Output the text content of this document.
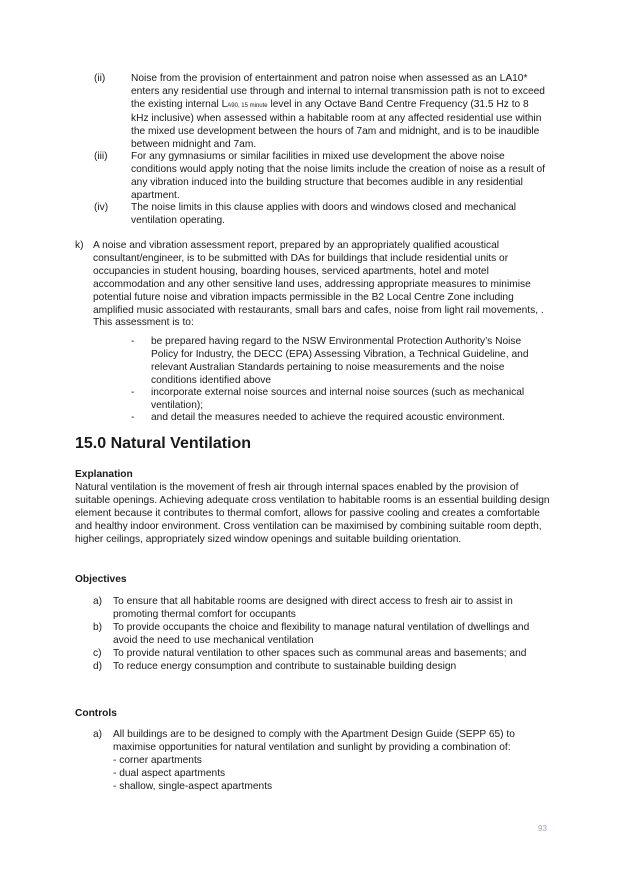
(ii)	Noise from the provision of entertainment and patron noise when assessed as an LA10* enters any residential use through and internal to internal transmission path is not to exceed the existing internal LA90, 15 minute level in any Octave Band Centre Frequency (31.5 Hz to 8 kHz inclusive) when assessed within a habitable room at any affected residential use within the mixed use development between the hours of 7am and midnight, and is to be inaudible between midnight and 7am.
(iii) For any gymnasiums or similar facilities in mixed use development the above noise conditions would apply noting that the noise limits include the creation of noise as a result of any vibration induced into the building structure that becomes audible in any residential apartment.
(iv) The noise limits in this clause applies with doors and windows closed and mechanical ventilation operating.
k) A noise and vibration assessment report, prepared by an appropriately qualified acoustical consultant/engineer, is to be submitted with DAs for buildings that include residential units or occupancies in student housing, boarding houses, serviced apartments, hotel and motel accommodation and any other sensitive land uses, addressing appropriate measures to minimise potential future noise and vibration impacts permissible in the B2 Local Centre Zone including amplified music associated with restaurants, small bars and cafes, noise from light rail movements, . This assessment is to:
- be prepared having regard to the NSW Environmental Protection Authority’s Noise Policy for Industry, the DECC (EPA) Assessing Vibration, a Technical Guideline, and relevant Australian Standards pertaining to noise measurements and the noise conditions identified above
- incorporate external noise sources and internal noise sources (such as mechanical ventilation);
- and detail the measures needed to achieve the required acoustic environment.
15.0 Natural Ventilation
Explanation
Natural ventilation is the movement of fresh air through internal spaces enabled by the provision of suitable openings. Achieving adequate cross ventilation to habitable rooms is an essential building design element because it contributes to thermal comfort, allows for passive cooling and creates a comfortable and healthy indoor environment. Cross ventilation can be maximised by combining suitable room depth, higher ceilings, appropriately sized window openings and suitable building orientation.
Objectives
a) To ensure that all habitable rooms are designed with direct access to fresh air to assist in promoting thermal comfort for occupants
b) To provide occupants the choice and flexibility to manage natural ventilation of dwellings and avoid the need to use mechanical ventilation
c) To provide natural ventilation to other spaces such as communal areas and basements; and
d) To reduce energy consumption and contribute to sustainable building design
Controls
a) All buildings are to be designed to comply with the Apartment Design Guide (SEPP 65) to maximise opportunities for natural ventilation and sunlight by providing a combination of:
- corner apartments
- dual aspect apartments
- shallow, single-aspect apartments
93
